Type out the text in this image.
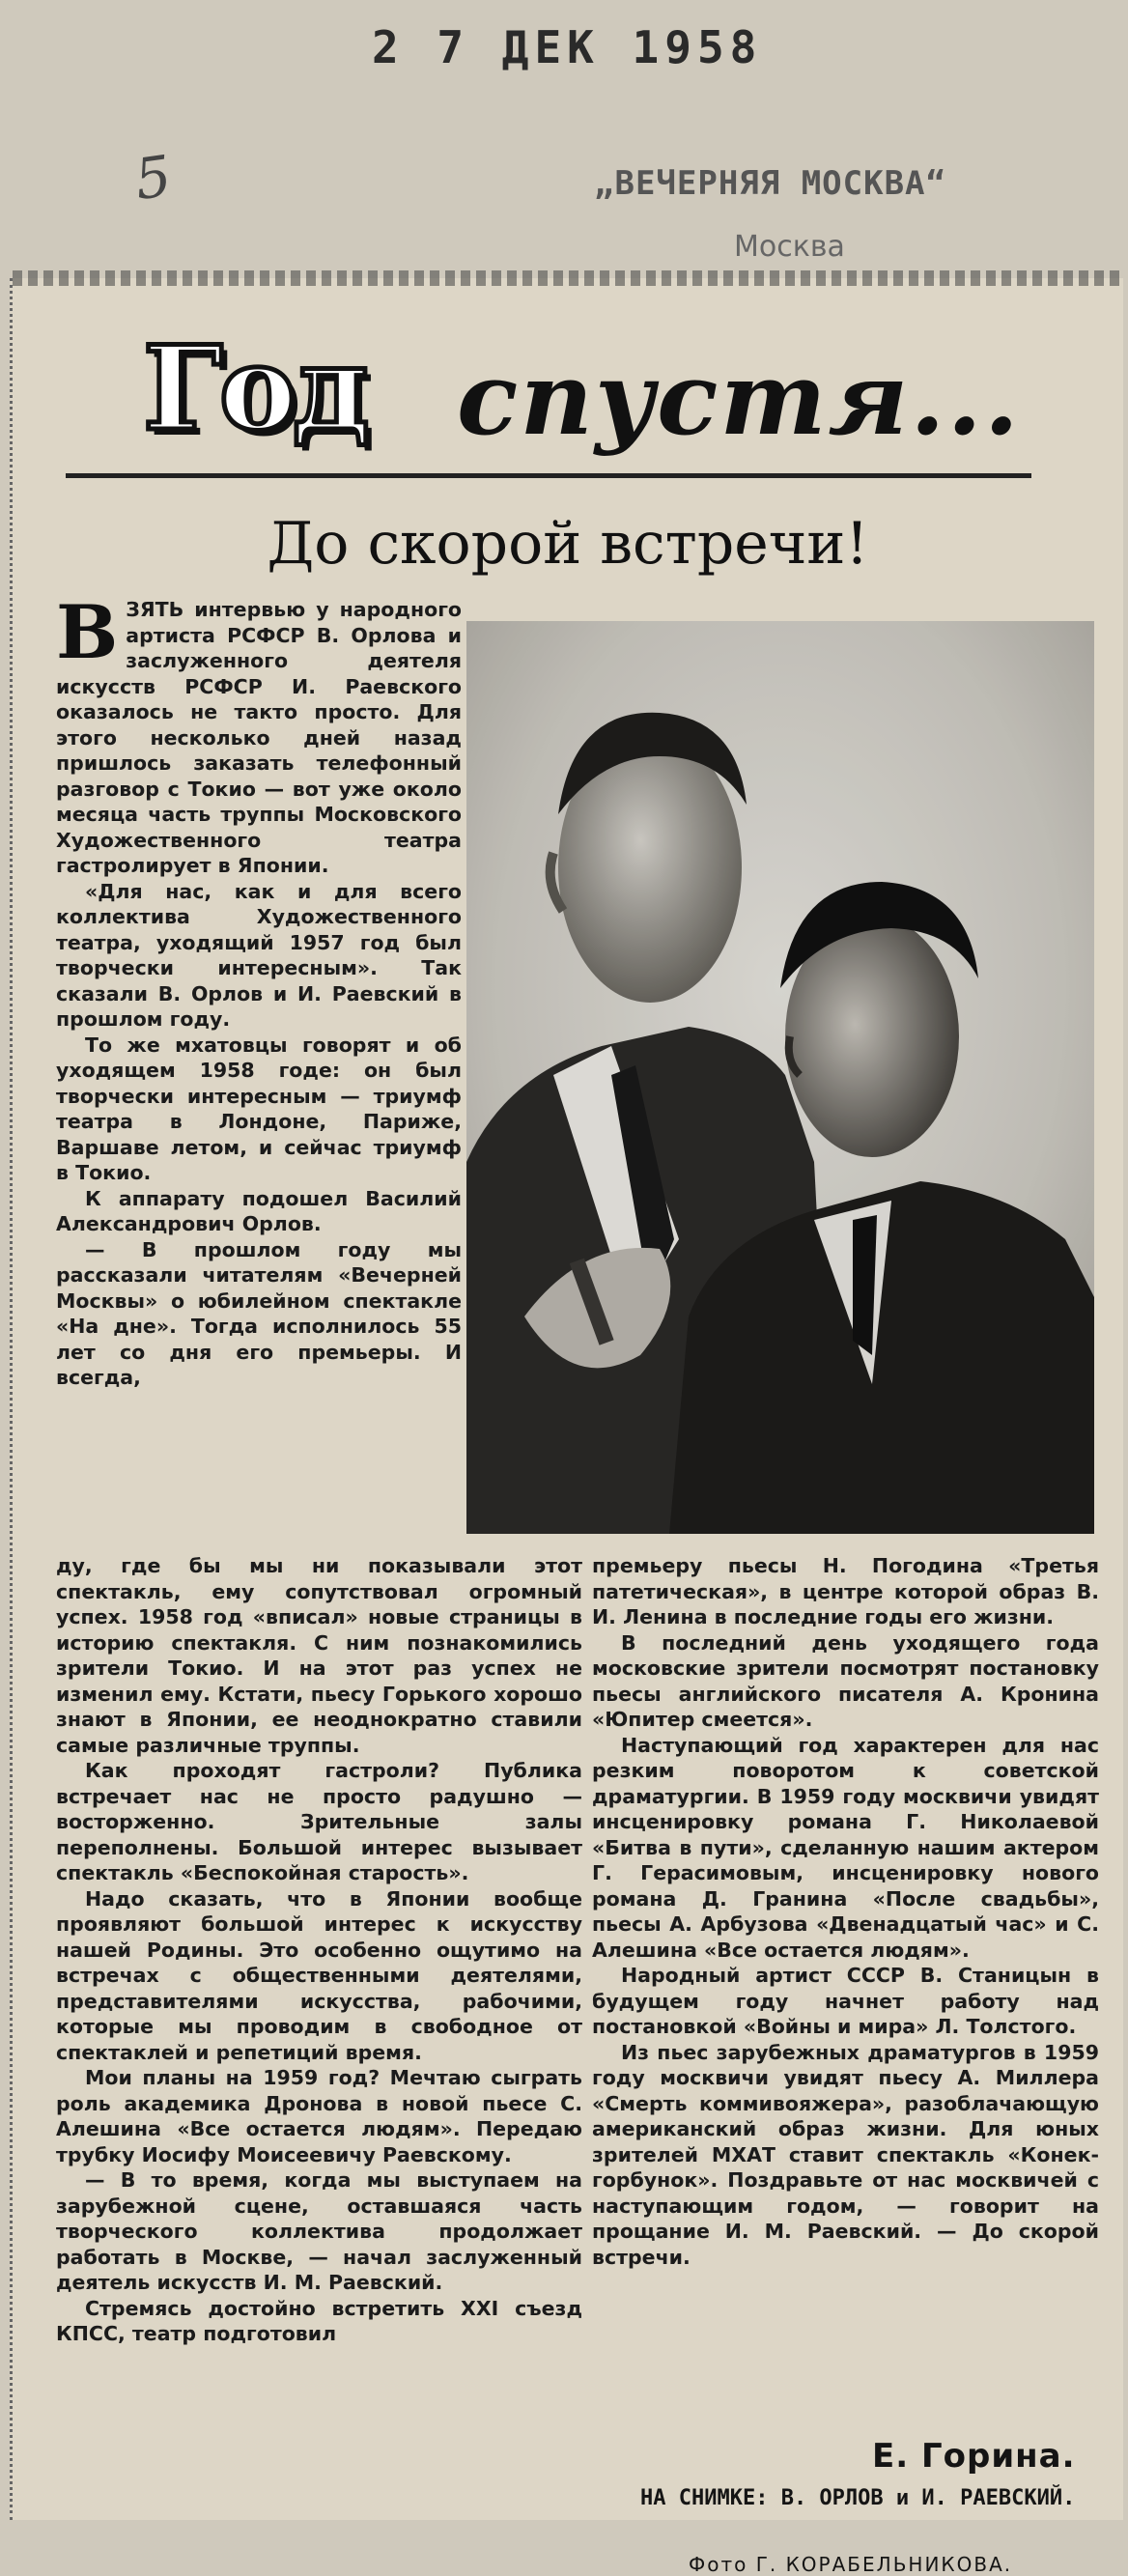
2 7 ДЕК 1958
5	„ВЕЧЕРНЯЯ МОСКВА“
Москва
Год спустя...
До скорой встречи!
В ЗЯТЬ интервью у народного артиста РСФСР В. Орлова и заслуженного деятеля искусств РСФСР И. Раевского оказалось не такто просто. Для этого несколько дней назад пришлось заказать телефонный разговор с Токио — вот уже около месяца часть труппы Московского Художественного театра гастролирует в Японии.

«Для нас, как и для всего коллектива Художественного театра, уходящий 1957 год был творчески интересным». Так сказали В. Орлов и И. Раевский в прошлом году.

То же мхатовцы говорят и об уходящем 1958 годе: он был творчески интересным — триумф театра в Лондоне, Париже, Варшаве летом, и сейчас триумф в Токио.

К аппарату подошел Василий Александрович Орлов.

— В прошлом году мы рассказали читателям «Вечерней Москвы» о юбилейном спектакле «На дне». Тогда исполнилось 55 лет со дня его премьеры. И всегда,

ду, где бы мы ни показывали этот спектакль, ему сопутствовал огромный успех. 1958 год «вписал» новые страницы в историю спектакля. С ним познакомились зрители Токио. И на этот раз успех не изменил ему. Кстати, пьесу Горького хорошо знают в Японии, ее неоднократно ставили самые различные труппы.

Как проходят гастроли? Публика встречает нас не просто радушно — восторженно. Зрительные залы переполнены. Большой интерес вызывает спектакль «Беспокойная старость».

Надо сказать, что в Японии вообще проявляют большой интерес к искусству нашей Родины. Это особенно ощутимо на встречах с общественными деятелями, представителями искусства, рабочими, которые мы проводим в свободное от спектаклей и репетиций время.

Мои планы на 1959 год? Мечтаю сыграть роль академика Дронова в новой пьесе С. Алешина «Все остается людям». Передаю трубку Иосифу Моисеевичу Раевскому.

— В то время, когда мы выступаем на зарубежной сцене, оставшаяся часть творческого коллектива продолжает работать в Москве, — начал заслуженный деятель искусств И. М. Раевский.

Стремясь достойно встретить XXI съезд КПСС, театр подготовил

премьеру пьесы Н. Погодина «Третья патетическая», в центре которой образ В. И. Ленина в последние годы его жизни.

В последний день уходящего года московские зрители посмотрят постановку пьесы английского писателя А. Кронина «Юпитер смеется».

Наступающий год характерен для нас резким поворотом к советской драматургии. В 1959 году москвичи увидят инсценировку романа Г. Николаевой «Битва в пути», сделанную нашим актером Г. Герасимовым, инсценировку нового романа Д. Гранина «После свадьбы», пьесы А. Арбузова «Двенадцатый час» и С. Алешина «Все остается людям».

Народный артист СССР В. Станицын в будущем году начнет работу над постановкой «Войны и мира» Л. Толстого.

Из пьес зарубежных драматургов в 1959 году москвичи увидят пьесу А. Миллера «Смерть коммивояжера», разоблачающую американский образ жизни. Для юных зрителей МХАТ ставит спектакль «Конек-горбунок». Поздравьте от нас москвичей с наступающим годом, — говорит на прощание И. М. Раевский. — До скорой встречи.

Е. Горина.
НА СНИМКЕ: В. ОРЛОВ и И. РАЕВСКИЙ.
Фото Г. КОРАБЕЛЬНИКОВА.
